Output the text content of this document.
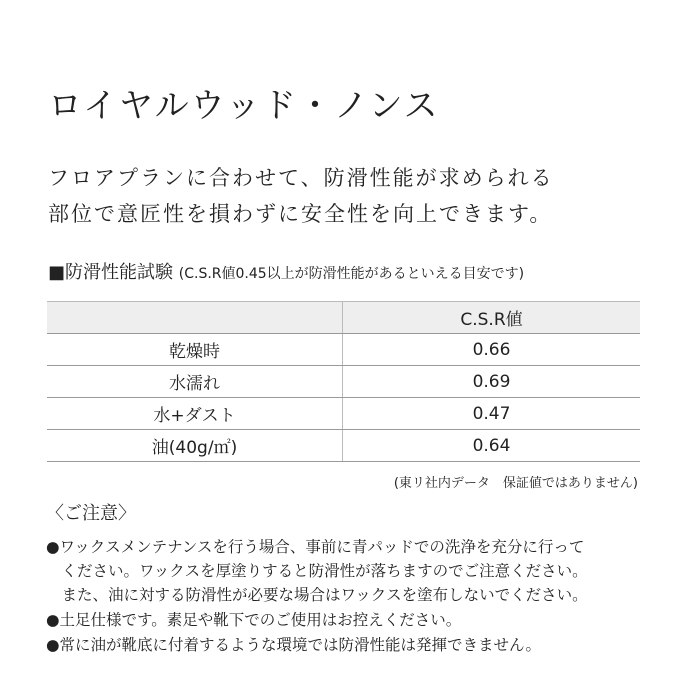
ロイヤルウッド・ノンス
フロアプランに合わせて、防滑性能が求められる
部位で意匠性を損わずに安全性を向上できます。
■防滑性能試験 (C.S.R値0.45以上が防滑性能があるといえる目安です)
	C.S.R値
乾燥時	0.66
水濡れ	0.69
水+ダスト	0.47
油(40g/㎡)	0.64
(東リ社内データ　保証値ではありません)
〈ご注意〉
●ワックスメンテナンスを行う場合、事前に青パッドでの洗浄を充分に行って
　ください。ワックスを厚塗りすると防滑性が落ちますのでご注意ください。
　また、油に対する防滑性が必要な場合はワックスを塗布しないでください。
●土足仕様です。素足や靴下でのご使用はお控えください。
●常に油が靴底に付着するような環境では防滑性能は発揮できません。
